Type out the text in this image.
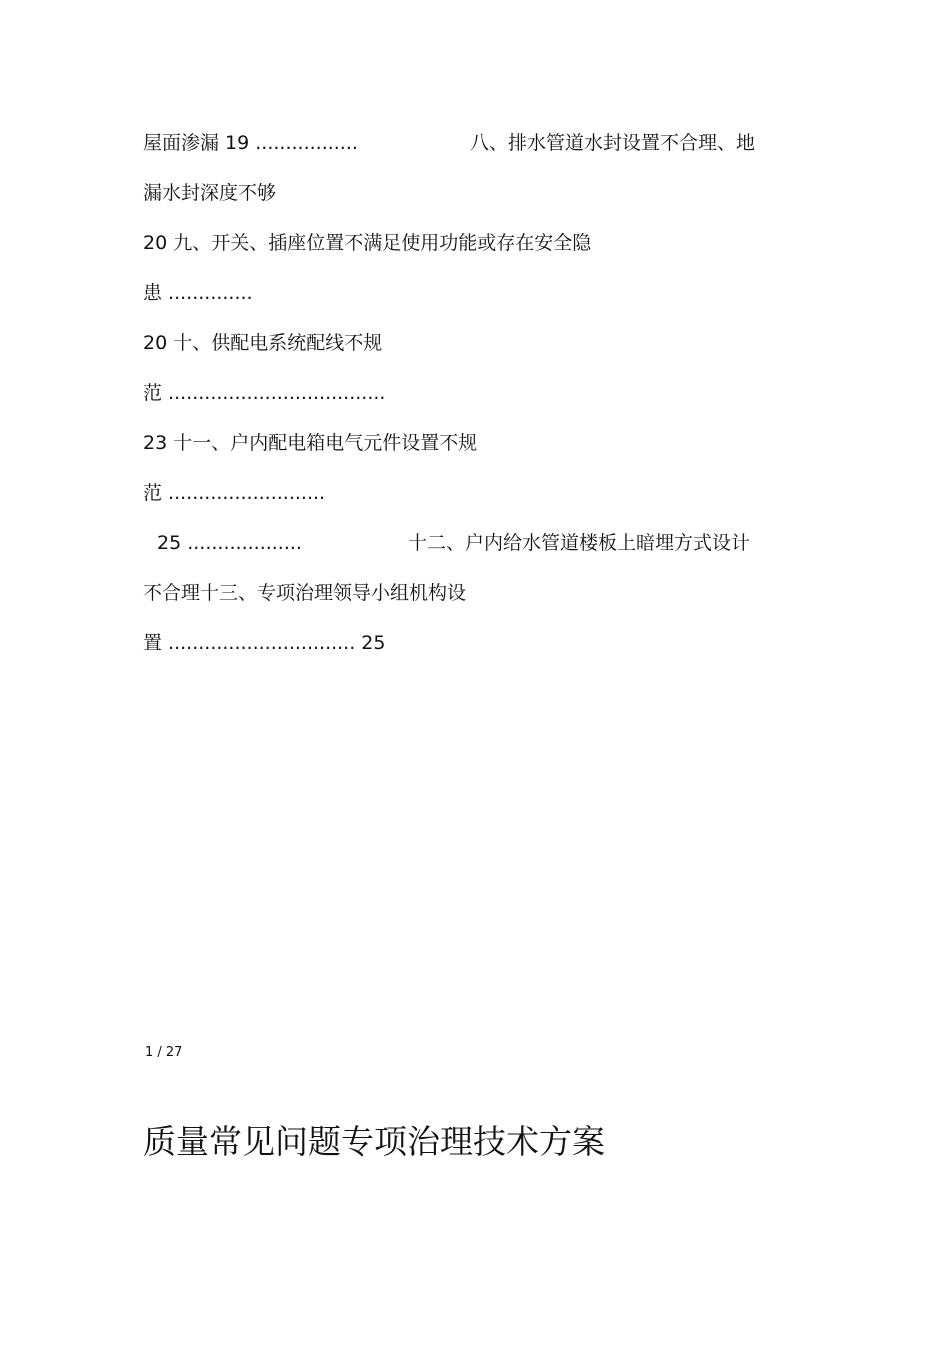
屋面渗漏 19 .................	八、排水管道水封设置不合理、地
漏水封深度不够
20 九、开关、插座位置不满足使用功能或存在安全隐
患 ..............
20 十、供配电系统配线不规
范 ....................................
23 十一、户内配电箱电气元件设置不规
范 ..........................
25 ...................	十二、户内给水管道楼板上暗埋方式设计
不合理十三、专项治理领导小组机构设
置 ............................... 25
1 / 27
质量常见问题专项治理技术方案
